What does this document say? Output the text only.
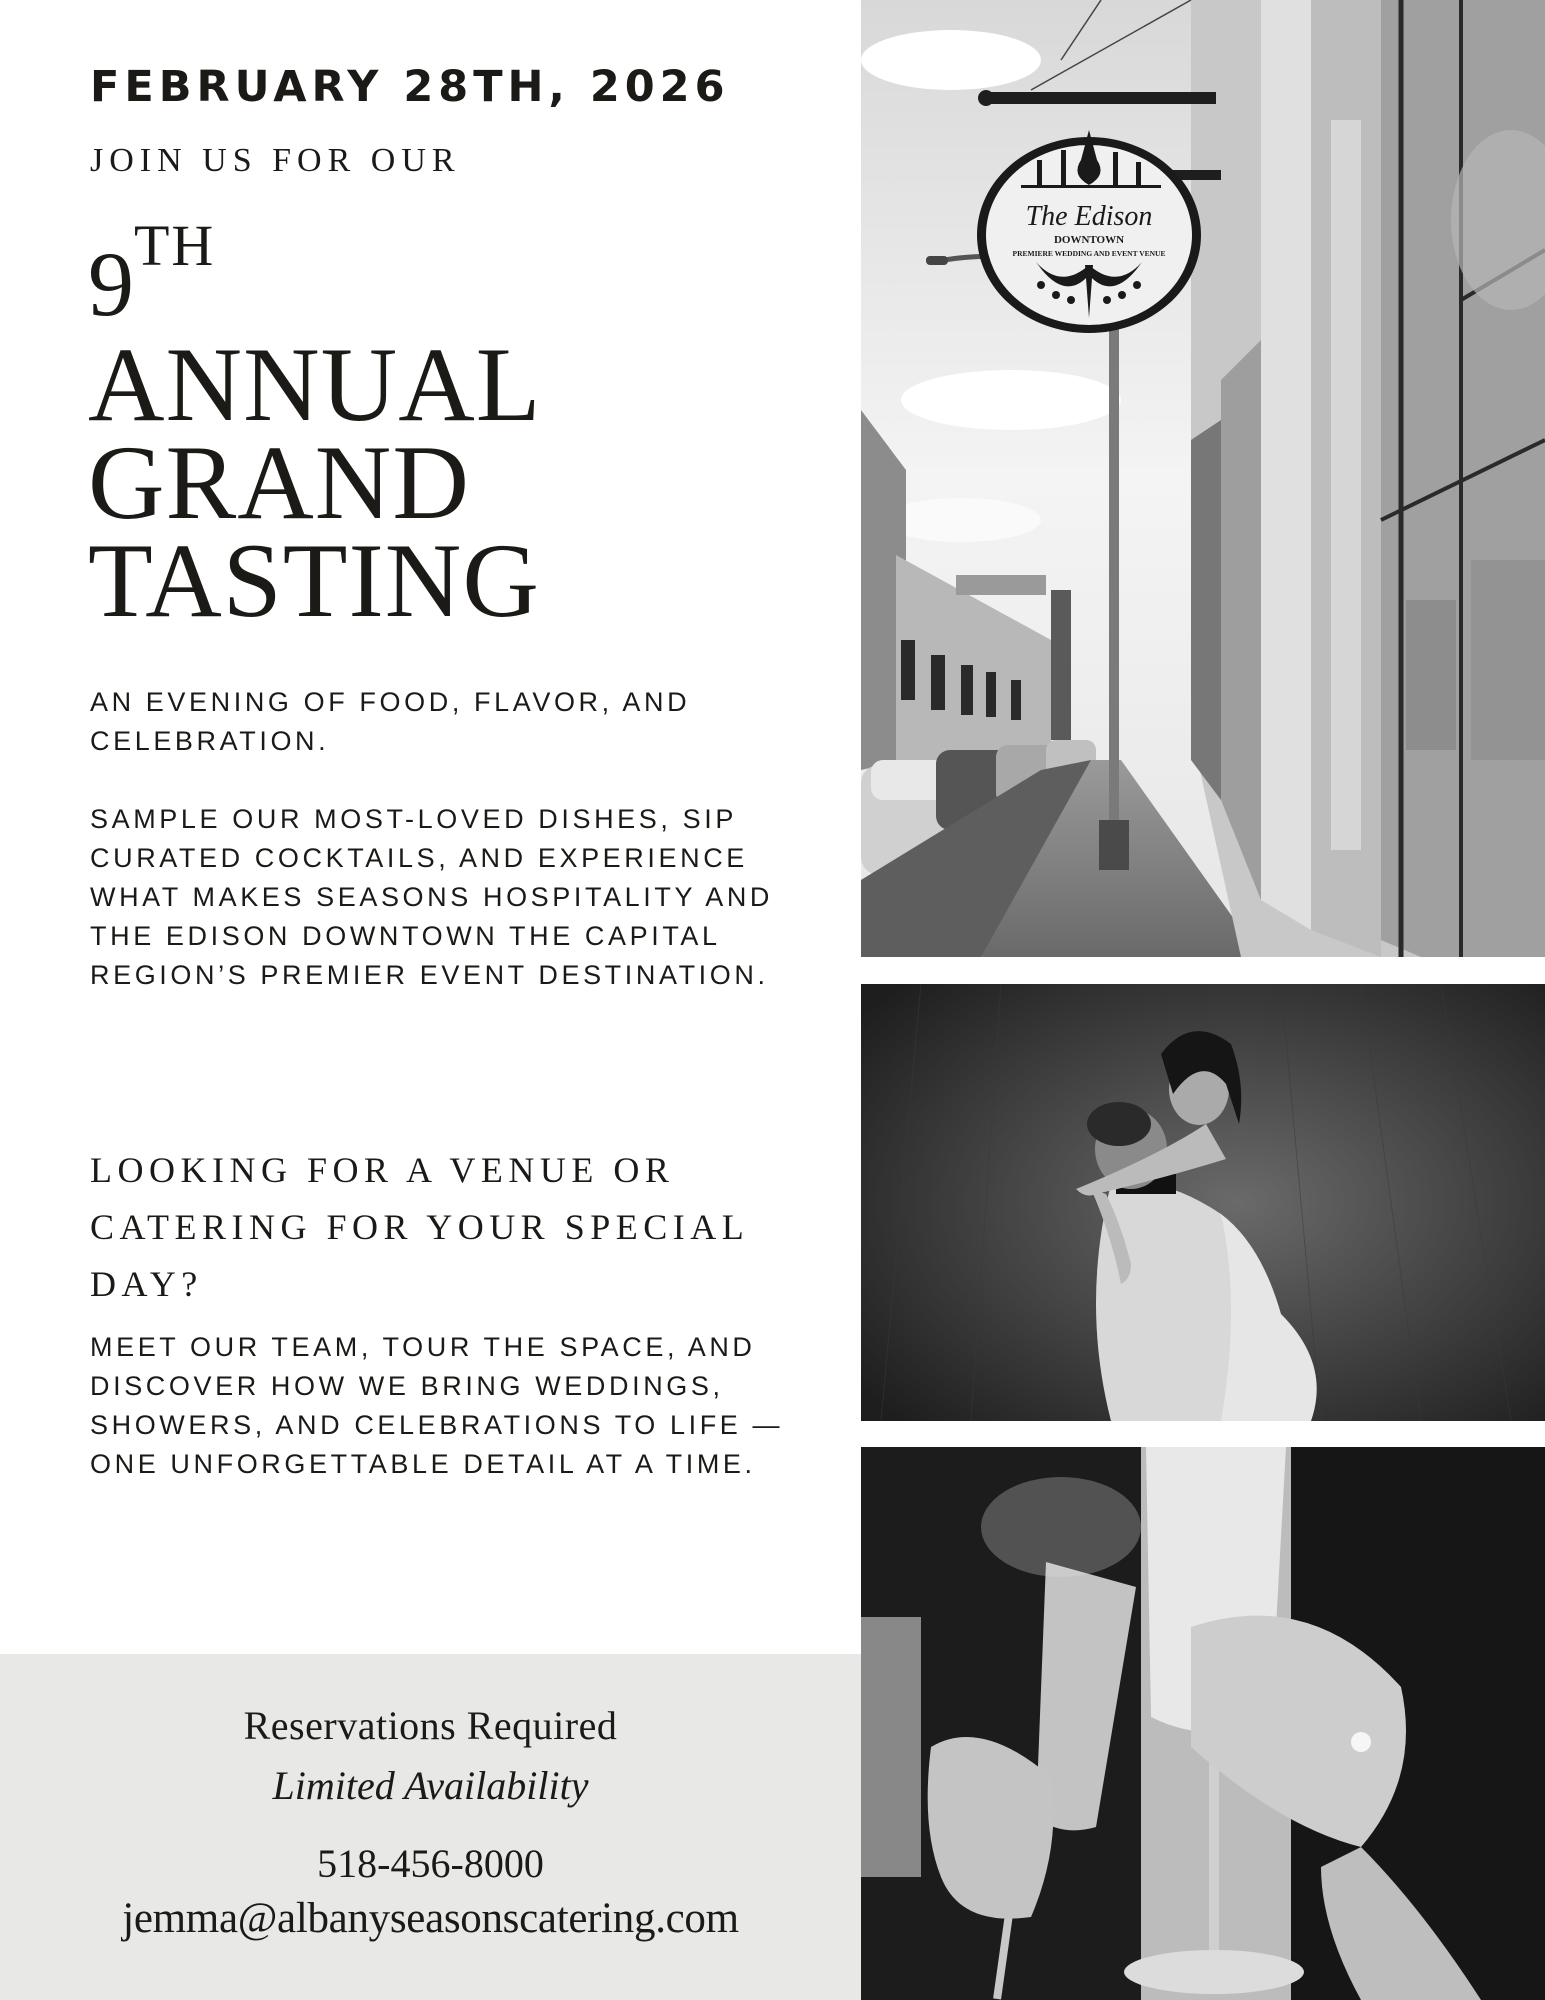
FEBRUARY 28TH, 2026
JOIN US FOR OUR
9TH
ANNUAL
GRAND
TASTING
AN EVENING OF FOOD, FLAVOR, AND CELEBRATION.
SAMPLE OUR MOST-LOVED DISHES, SIP CURATED COCKTAILS, AND EXPERIENCE WHAT MAKES SEASONS HOSPITALITY AND THE EDISON DOWNTOWN THE CAPITAL REGION’S PREMIER EVENT DESTINATION.
LOOKING FOR A VENUE OR CATERING FOR YOUR SPECIAL DAY?
MEET OUR TEAM, TOUR THE SPACE, AND DISCOVER HOW WE BRING WEDDINGS, SHOWERS, AND CELEBRATIONS TO LIFE — ONE UNFORGETTABLE DETAIL AT A TIME.
Reservations Required
Limited Availability
518-456-8000
jemma@albanyseasonscatering.com
The Edison
DOWNTOWN
PREMIERE WEDDING AND EVENT VENUE
